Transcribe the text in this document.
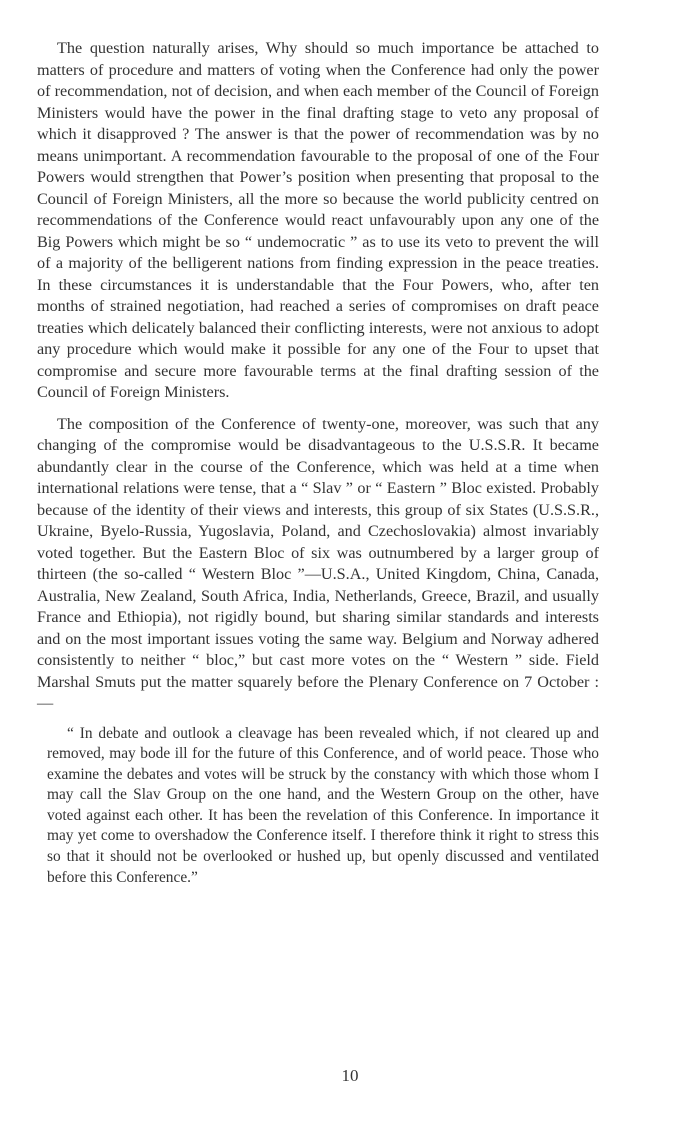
The question naturally arises, Why should so much importance be attached to matters of procedure and matters of voting when the Conference had only the power of recommendation, not of decision, and when each member of the Council of Foreign Ministers would have the power in the final drafting stage to veto any proposal of which it disapproved ? The answer is that the power of recommendation was by no means unimportant. A recommendation favourable to the proposal of one of the Four Powers would strengthen that Power’s position when presenting that proposal to the Council of Foreign Ministers, all the more so because the world publicity centred on recommendations of the Conference would react unfavourably upon any one of the Big Powers which might be so “ undemocratic ” as to use its veto to prevent the will of a majority of the belligerent nations from finding expression in the peace treaties. In these circumstances it is understandable that the Four Powers, who, after ten months of strained negotiation, had reached a series of compromises on draft peace treaties which delicately balanced their conflicting interests, were not anxious to adopt any procedure which would make it possible for any one of the Four to upset that compromise and secure more favourable terms at the final drafting session of the Council of Foreign Ministers.

The composition of the Conference of twenty-one, moreover, was such that any changing of the compromise would be disadvantageous to the U.S.S.R. It became abundantly clear in the course of the Conference, which was held at a time when international relations were tense, that a “ Slav ” or “ Eastern ” Bloc existed. Probably because of the identity of their views and interests, this group of six States (U.S.S.R., Ukraine, Byelo-Russia, Yugoslavia, Poland, and Czechoslovakia) almost invariably voted together. But the Eastern Bloc of six was outnumbered by a larger group of thirteen (the so-called “ Western Bloc ”—U.S.A., United Kingdom, China, Canada, Australia, New Zealand, South Africa, India, Netherlands, Greece, Brazil, and usually France and Ethiopia), not rigidly bound, but sharing similar standards and interests and on the most important issues voting the same way. Belgium and Norway adhered consistently to neither “ bloc,” but cast more votes on the “ Western ” side. Field Marshal Smuts put the matter squarely before the Plenary Conference on 7 October :—

“ In debate and outlook a cleavage has been revealed which, if not cleared up and removed, may bode ill for the future of this Conference, and of world peace. Those who examine the debates and votes will be struck by the constancy with which those whom I may call the Slav Group on the one hand, and the Western Group on the other, have voted against each other. It has been the revelation of this Conference. In importance it may yet come to overshadow the Conference itself. I therefore think it right to stress this so that it should not be overlooked or hushed up, but openly discussed and ventilated before this Conference.”

10
